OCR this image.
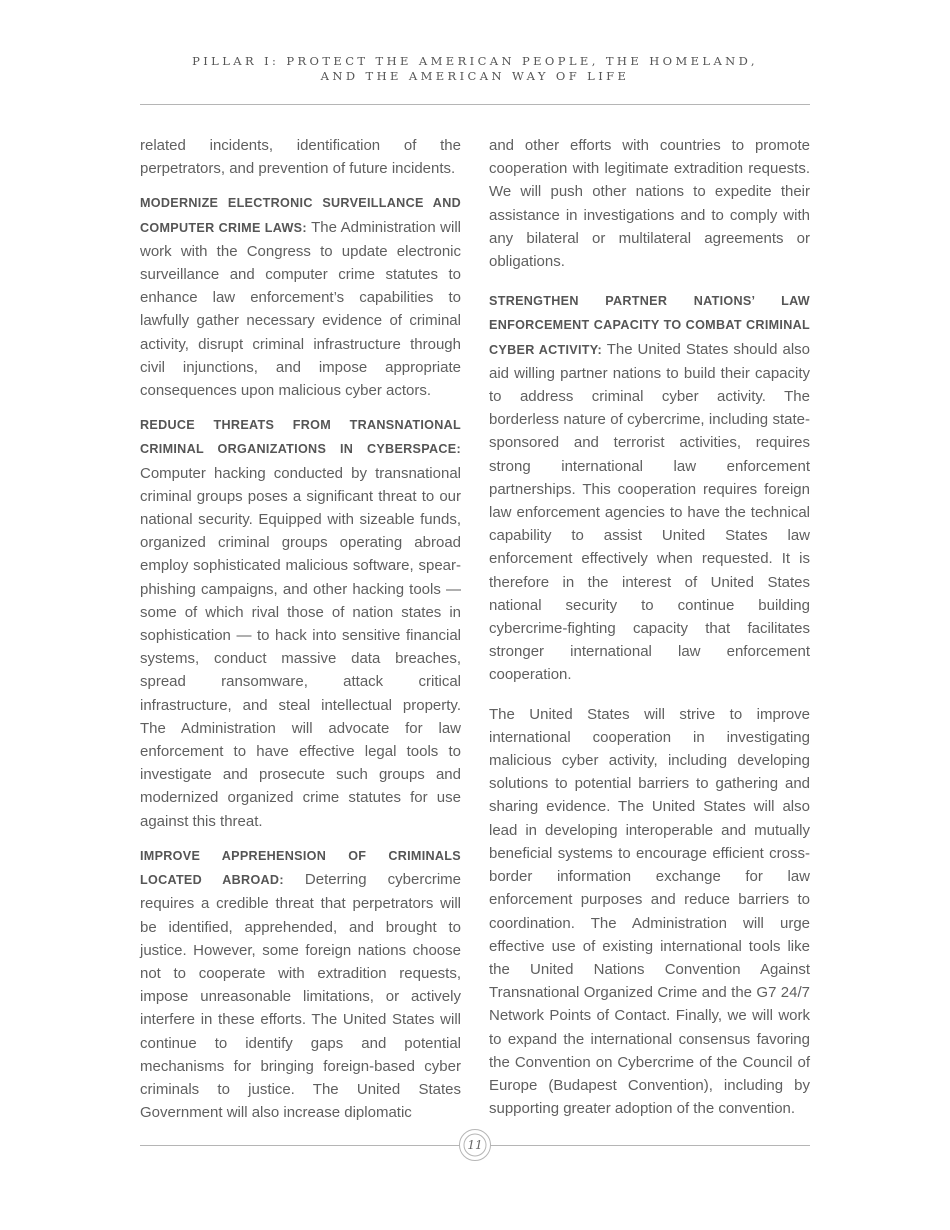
PILLAR I: PROTECT THE AMERICAN PEOPLE, THE HOMELAND,
AND THE AMERICAN WAY OF LIFE

related incidents, identification of the perpetrators, and prevention of future incidents.

MODERNIZE ELECTRONIC SURVEILLANCE AND COMPUTER CRIME LAWS: The Administration will work with the Congress to update electronic surveillance and computer crime statutes to enhance law enforcement’s capabilities to lawfully gather necessary evidence of criminal activity, disrupt criminal infrastructure through civil injunctions, and impose appropriate consequences upon malicious cyber actors.

REDUCE THREATS FROM TRANSNATIONAL CRIMINAL ORGANIZATIONS IN CYBERSPACE: Computer hacking conducted by transnational criminal groups poses a significant threat to our national security. Equipped with sizeable funds, organized criminal groups operating abroad employ sophisticated malicious software, spear-phishing campaigns, and other hacking tools — some of which rival those of nation states in sophistication — to hack into sensitive financial systems, conduct massive data breaches, spread ransomware, attack critical infrastructure, and steal intellectual property. The Administration will advocate for law enforcement to have effective legal tools to investigate and prosecute such groups and modernized organized crime statutes for use against this threat.

IMPROVE APPREHENSION OF CRIMINALS LOCATED ABROAD: Deterring cybercrime requires a credible threat that perpetrators will be identified, apprehended, and brought to justice. However, some foreign nations choose not to cooperate with extradition requests, impose unreasonable limitations, or actively interfere in these efforts. The United States will continue to identify gaps and potential mechanisms for bringing foreign-based cyber criminals to justice. The United States Government will also increase diplomatic

and other efforts with countries to promote cooperation with legitimate extradition requests. We will push other nations to expedite their assistance in investigations and to comply with any bilateral or multilateral agreements or obligations.

STRENGTHEN PARTNER NATIONS’ LAW ENFORCEMENT CAPACITY TO COMBAT CRIMINAL CYBER ACTIVITY: The United States should also aid willing partner nations to build their capacity to address criminal cyber activity. The borderless nature of cybercrime, including state-sponsored and terrorist activities, requires strong international law enforcement partnerships. This cooperation requires foreign law enforcement agencies to have the technical capability to assist United States law enforcement effectively when requested. It is therefore in the interest of United States national security to continue building cybercrime-fighting capacity that facilitates stronger international law enforcement cooperation.

The United States will strive to improve international cooperation in investigating malicious cyber activity, including developing solutions to potential barriers to gathering and sharing evidence. The United States will also lead in developing interoperable and mutually beneficial systems to encourage efficient cross-border information exchange for law enforcement purposes and reduce barriers to coordination. The Administration will urge effective use of existing international tools like the United Nations Convention Against Transnational Organized Crime and the G7 24/7 Network Points of Contact. Finally, we will work to expand the international consensus favoring the Convention on Cybercrime of the Council of Europe (Budapest Convention), including by supporting greater adoption of the convention.

11
